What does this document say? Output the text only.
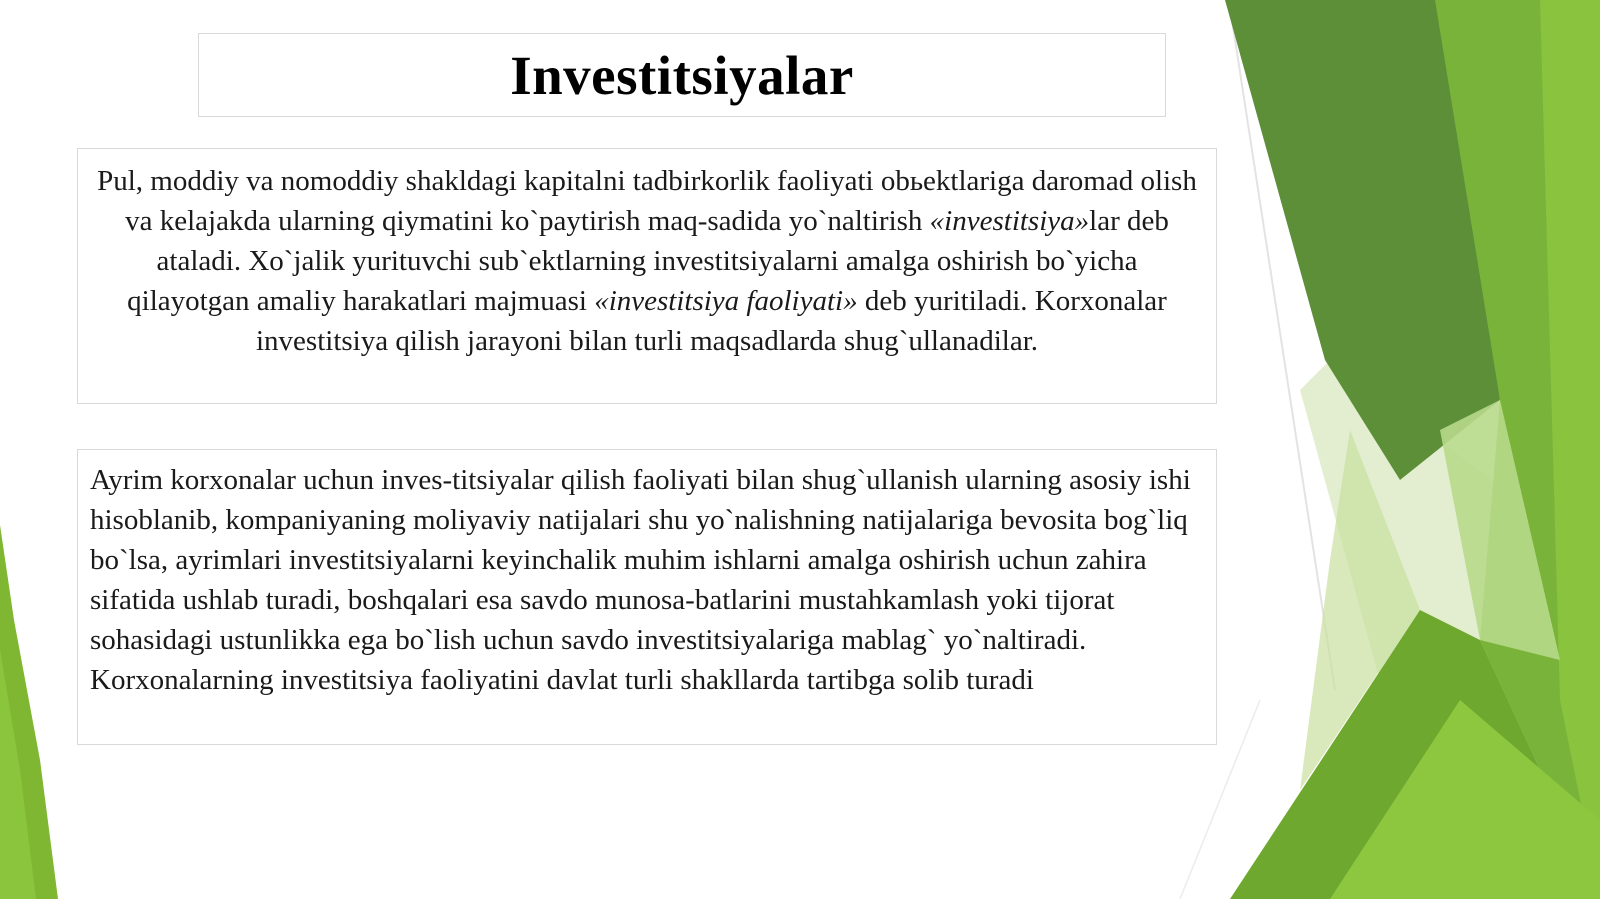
Investitsiyalar

Pul, moddiy va nomoddiy shakldagi kapitalni tadbirkorlik faoliyati obьektlariga daromad olish va kelajakda ularning qiymatini ko`paytirish maq-sadida yo`naltirish «investitsiya»lar deb ataladi. Xo`jalik yurituvchi sub`ektlarning investitsiyalarni amalga oshirish bo`yicha qilayotgan amaliy harakatlari majmuasi «investitsiya faoliyati» deb yuritiladi. Korxonalar investitsiya qilish jarayoni bilan turli maqsadlarda shug`ullanadilar.

Ayrim korxonalar uchun inves-titsiyalar qilish faoliyati bilan shug`ullanish ularning asosiy ishi hisoblanib, kompaniyaning moliyaviy natijalari shu yo`nalishning natijalariga bevosita bog`liq bo`lsa, ayrimlari investitsiyalarni keyinchalik muhim ishlarni amalga oshirish uchun zahira sifatida ushlab turadi, boshqalari esa savdo munosa-batlarini mustahkamlash yoki tijorat sohasidagi ustunlikka ega bo`lish uchun savdo investitsiyalariga mablag` yo`naltiradi. Korxonalarning investitsiya faoliyatini davlat turli shakllarda tartibga solib turadi
